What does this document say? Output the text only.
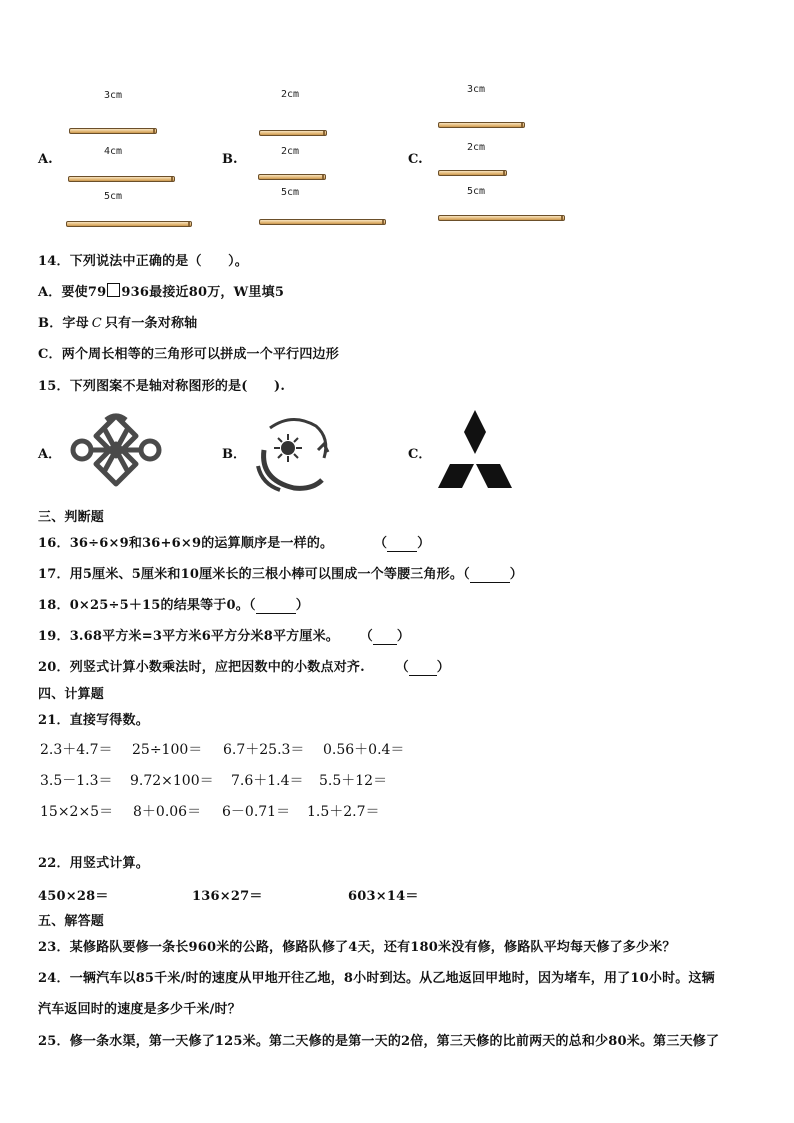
A.
3cm
4cm
5cm
B.
2cm
2cm
5cm
C.
3cm
2cm
5cm
14．下列说法中正确的是（　　）。
A．要使79 936最接近80万，W里填5
B．字母 C 只有一条对称轴
C．两个周长相等的三角形可以拼成一个平行四边形
15．下列图案不是轴对称图形的是(　　).
A．	B．	C．
三、判断题
16．36÷6×9和36+6×9的运算顺序是一样的。	（ ）
17．用5厘米、5厘米和10厘米长的三根小棒可以围成一个等腰三角形。（	）
18．0×25÷5＋15的结果等于0。（	）
19．3.68平方米=3平方米6平方分米8平方厘米。 （ ）
20．列竖式计算小数乘法时，应把因数中的小数点对齐. （ ）
四、计算题
21．直接写得数。
2.3＋4.7＝ 25÷100＝ 6.7＋25.3＝ 0.56＋0.4＝
3.5－1.3＝ 9.72×100＝ 7.6＋1.4＝ 5.5＋12＝
15×2×5＝ 8＋0.06＝ 6－0.71＝ 1.5＋2.7＝
22．用竖式计算。
450×28＝	136×27＝	603×14＝
五、解答题
23．某修路队要修一条长960米的公路，修路队修了4天，还有180米没有修，修路队平均每天修了多少米？
24．一辆汽车以85千米/时的速度从甲地开往乙地，8小时到达。从乙地返回甲地时，因为堵车，用了10小时。这辆
汽车返回时的速度是多少千米/时？
25．修一条水渠，第一天修了125米。第二天修的是第一天的2倍，第三天修的比前两天的总和少80米。第三天修了
